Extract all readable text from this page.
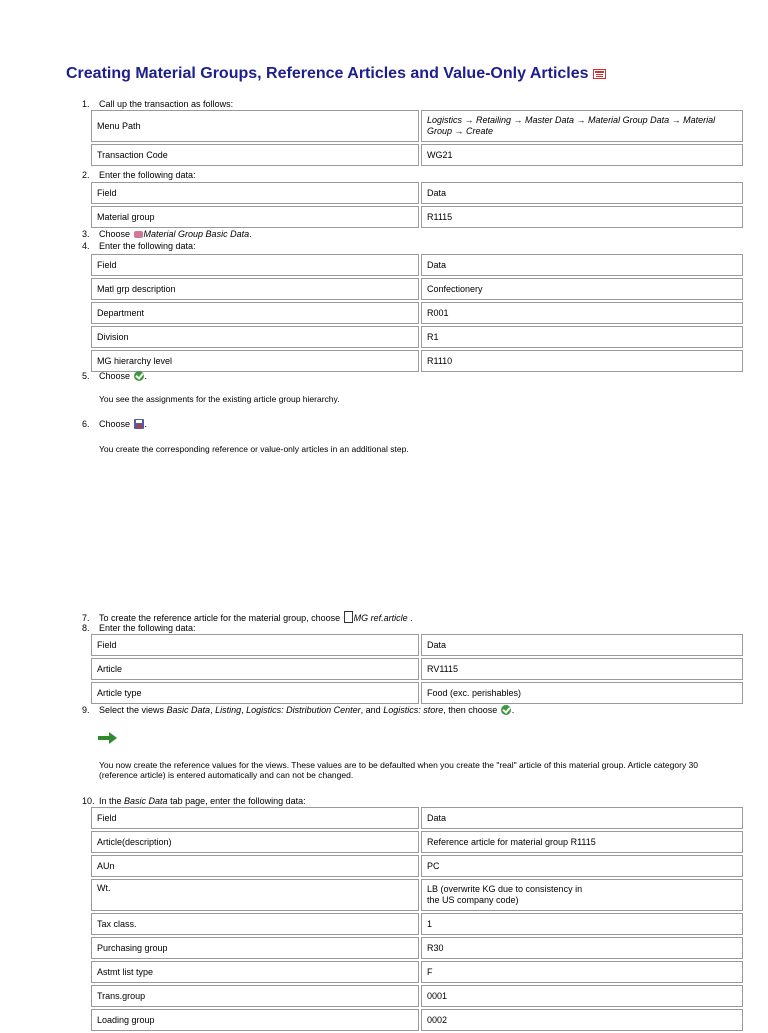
Creating Material Groups, Reference Articles and Value-Only Articles
1. Call up the transaction as follows:
Menu Path	Logistics → Retailing → Master Data → Material Group Data → Material Group → Create
Transaction Code	WG21
2. Enter the following data:
Field	Data
Material group	R1115
3. Choose Material Group Basic Data.
4. Enter the following data:
Field	Data
Matl grp description	Confectionery
Department	R001
Division	R1
MG hierarchy level	R1110
5. Choose .
You see the assignments for the existing article group hierarchy.
6. Choose .
You create the corresponding reference or value-only articles in an additional step.
7. To create the reference article for the material group, choose MG ref.article .
8. Enter the following data:
Field	Data
Article	RV1115
Article type	Food (exc. perishables)
9. Select the views Basic Data, Listing, Logistics: Distribution Center, and Logistics: store, then choose .
You now create the reference values for the views. These values are to be defaulted when you create the "real" article of this material group. Article category 30 (reference article) is entered automatically and can not be changed.
10. In the Basic Data tab page, enter the following data:
Field	Data
Article(description)	Reference article for material group R1115
AUn	PC
Wt.	LB (overwrite KG due to consistency in the US company code)
Tax class.	1
Purchasing group	R30
Astmt list type	F
Trans.group	0001
Loading group	0002
